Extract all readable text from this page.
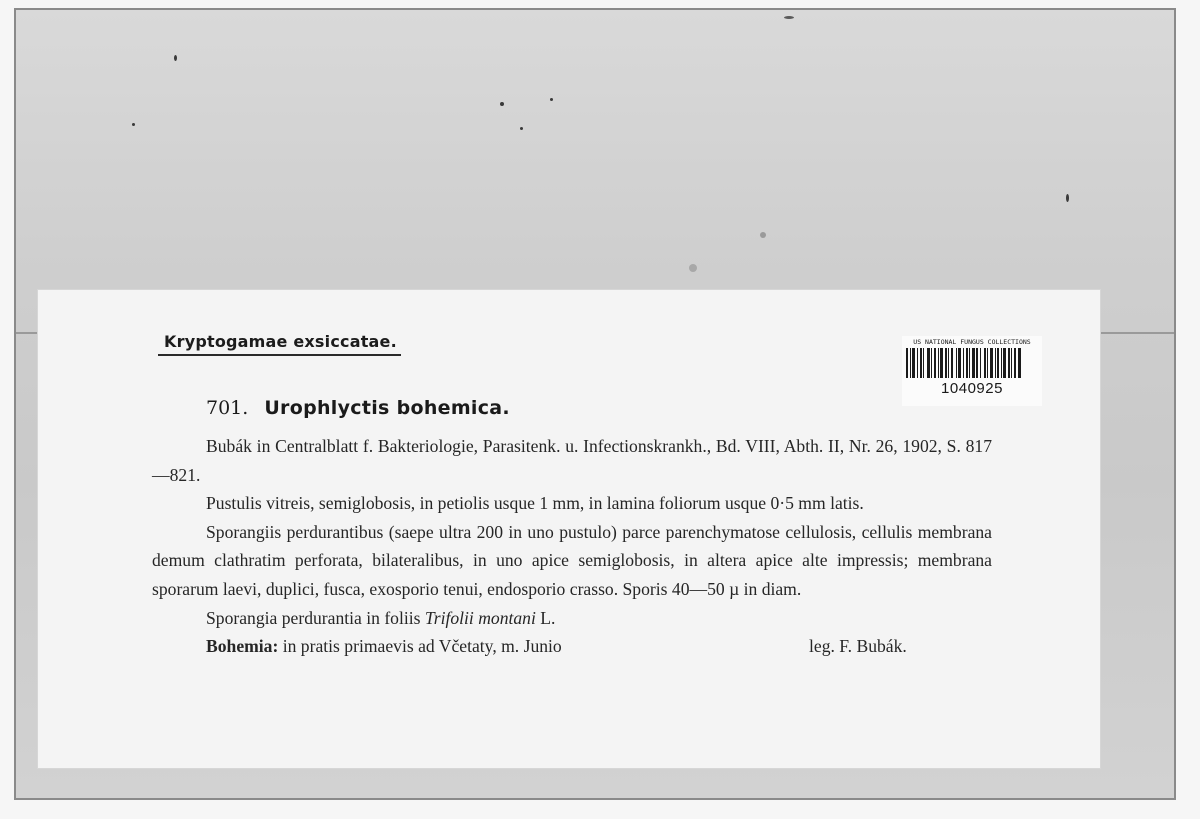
Kryptogamae exsiccatae.	US NATIONAL FUNGUS COLLECTIONS
1040925
701. Urophlyctis bohemica.

Bubák in Centralblatt f. Bakteriologie, Parasitenk. u. Infectionskrankh., Bd. VIII, Abth. II, Nr. 26, 1902, S. 817—821.

Pustulis vitreis, semiglobosis, in petiolis usque 1 mm, in lamina foliorum usque 0·5 mm latis.

Sporangiis perdurantibus (saepe ultra 200 in uno pustulo) parce parenchymatose cellulosis, cellulis membrana demum clathratim perforata, bilateralibus, in uno apice semiglobosis, in altera apice alte impressis; membrana sporarum laevi, duplici, fusca, exosporio tenui, endosporio crasso. Sporis 40—50 µ in diam.

Sporangia perdurantia in foliis Trifolii montani L.

Bohemia: in pratis primaevis ad Včetaty, m. Junio	leg. F. Bubák.
